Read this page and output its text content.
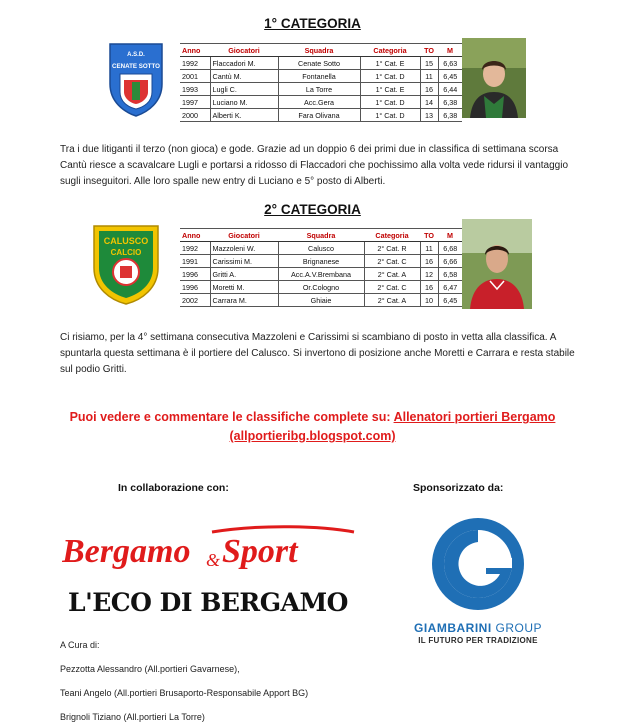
1° CATEGORIA
A.S.D.
CENATE SOTTO
Anno	Giocatori	Squadra	Categoria	TO	M
1992	Flaccadori M.	Cenate Sotto	1° Cat. E	15	6,63
2001	Cantù M.	Fontanella	1° Cat. D	11	6,45
1993	Lugli C.	La Torre	1° Cat. E	16	6,44
1997	Luciano M.	Acc.Gera	1° Cat. D	14	6,38
2000	Alberti K.	Fara Olivana	1° Cat. D	13	6,38
Tra i due litiganti il terzo (non gioca) e gode. Grazie ad un doppio 6 dei primi due in classifica di settimana scorsa Cantù riesce a scavalcare Lugli e portarsi a ridosso di Flaccadori che pochissimo alla volta vede ridursi il vantaggio sugli inseguitori. Alle loro spalle new entry di Luciano e 5° posto di Alberti.
2° CATEGORIA
CALUSCO
CALCIO
Anno	Giocatori	Squadra	Categoria	TO	M
1992	Mazzoleni W.	Calusco	2° Cat. R	11	6,68
1991	Carissimi M.	Brignanese	2° Cat. C	16	6,66
1996	Gritti A.	Acc.A.V.Brembana	2° Cat. A	12	6,58
1996	Moretti M.	Or.Cologno	2° Cat. C	16	6,47
2002	Carrara M.	Ghiaie	2° Cat. A	10	6,45
Ci risiamo, per la 4° settimana consecutiva Mazzoleni e Carissimi si scambiano di posto in vetta alla classifica. A spuntarla questa settimana è il portiere del Calusco. Si invertono di posizione anche Moretti e Carrara e resta stabile sul podio Gritti.
Puoi vedere e commentare le classifiche complete su: Allenatori portieri Bergamo
(allportieribg.blogspot.com)
In collaborazione con:	Sponsorizzato da:
Bergamo & Sport
L'ECO DI BERGAMO
GIAMBARINI GROUP
IL FUTURO PER TRADIZIONE
A Cura di:
Pezzotta Alessandro (All.portieri Gavarnese),
Teani Angelo (All.portieri Brusaporto-Responsabile Apport BG)
Brignoli Tiziano (All.portieri La Torre)
